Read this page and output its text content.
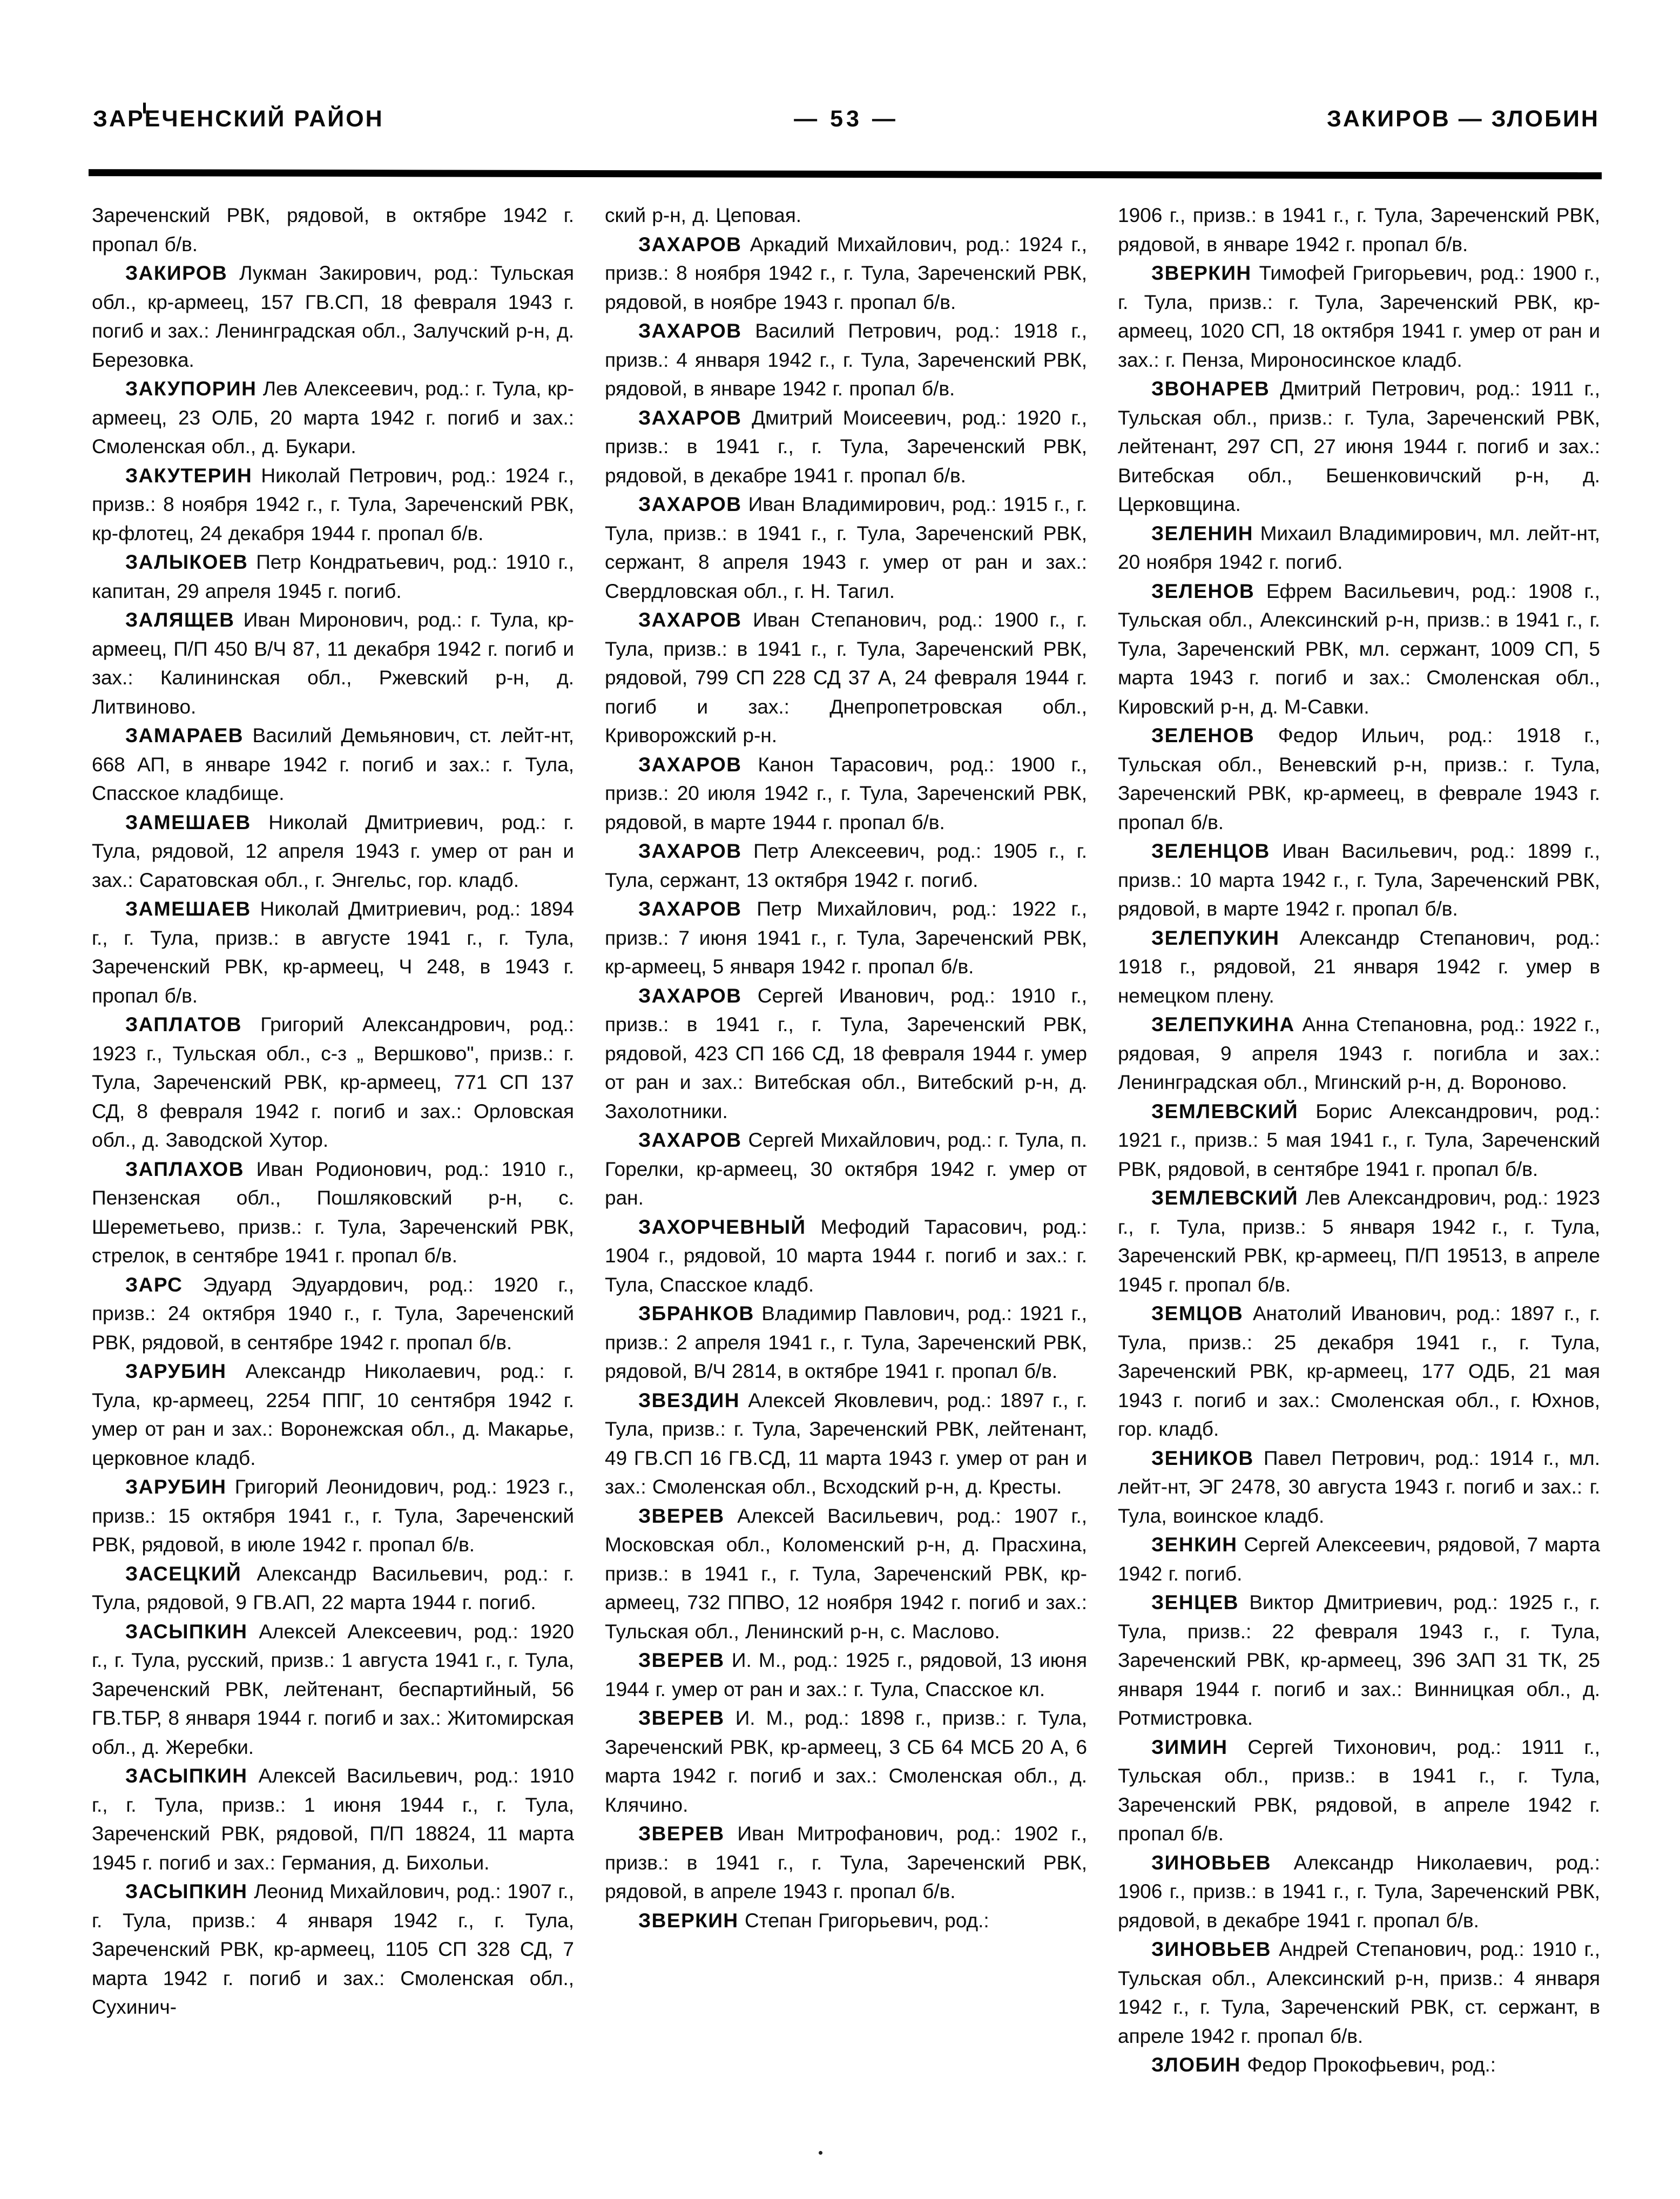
ЗАРЕЧЕНСКИЙ РАЙОН	— 53 —	ЗАКИРОВ — ЗЛОБИН

Зареченский РВК, рядовой, в октябре 1942 г. пропал б/в.

ЗАКИРОВ Лукман Закирович, род.: Тульская обл., кр-армеец, 157 ГВ.СП, 18 февраля 1943 г. погиб и зах.: Ленинградская обл., Залучский р-н, д. Березовка.

ЗАКУПОРИН Лев Алексеевич, род.: г. Тула, кр-армеец, 23 ОЛБ, 20 марта 1942 г. погиб и зах.: Смоленская обл., д. Букари.

ЗАКУТЕРИН Николай Петрович, род.: 1924 г., призв.: 8 ноября 1942 г., г. Тула, Зареченский РВК, кр-флотец, 24 декабря 1944 г. пропал б/в.

ЗАЛЫКОЕВ Петр Кондратьевич, род.: 1910 г., капитан, 29 апреля 1945 г. погиб.

ЗАЛЯЩЕВ Иван Миронович, род.: г. Тула, кр-армеец, П/П 450 В/Ч 87, 11 декабря 1942 г. погиб и зах.: Калининская обл., Ржевский р-н, д. Литвиново.

ЗАМАРАЕВ Василий Демьянович, ст. лейт-нт, 668 АП, в январе 1942 г. погиб и зах.: г. Тула, Спасское кладбище.

ЗАМЕШАЕВ Николай Дмитриевич, род.: г. Тула, рядовой, 12 апреля 1943 г. умер от ран и зах.: Саратовская обл., г. Энгельс, гор. кладб.

ЗАМЕШАЕВ Николай Дмитриевич, род.: 1894 г., г. Тула, призв.: в августе 1941 г., г. Тула, Зареченский РВК, кр-армеец, Ч 248, в 1943 г. пропал б/в.

ЗАПЛАТОВ Григорий Александрович, род.: 1923 г., Тульская обл., с-з „ Вершково", призв.: г. Тула, Зареченский РВК, кр-армеец, 771 СП 137 СД, 8 февраля 1942 г. погиб и зах.: Орловская обл., д. Заводской Хутор.

ЗАПЛАХОВ Иван Родионович, род.: 1910 г., Пензенская обл., Пошляковский р-н, с. Шереметьево, призв.: г. Тула, Зареченский РВК, стрелок, в сентябре 1941 г. пропал б/в.

ЗАРС Эдуард Эдуардович, род.: 1920 г., призв.: 24 октября 1940 г., г. Тула, Зареченский РВК, рядовой, в сентябре 1942 г. пропал б/в.

ЗАРУБИН Александр Николаевич, род.: г. Тула, кр-армеец, 2254 ППГ, 10 сентября 1942 г. умер от ран и зах.: Воронежская обл., д. Макарье, церковное кладб.

ЗАРУБИН Григорий Леонидович, род.: 1923 г., призв.: 15 октября 1941 г., г. Тула, Зареченский РВК, рядовой, в июле 1942 г. пропал б/в.

ЗАСЕЦКИЙ Александр Васильевич, род.: г. Тула, рядовой, 9 ГВ.АП, 22 марта 1944 г. погиб.

ЗАСЫПКИН Алексей Алексеевич, род.: 1920 г., г. Тула, русский, призв.: 1 августа 1941 г., г. Тула, Зареченский РВК, лейтенант, беспартийный, 56 ГВ.ТБР, 8 января 1944 г. погиб и зах.: Житомирская обл., д. Жеребки.

ЗАСЫПКИН Алексей Васильевич, род.: 1910 г., г. Тула, призв.: 1 июня 1944 г., г. Тула, Зареченский РВК, рядовой, П/П 18824, 11 марта 1945 г. погиб и зах.: Германия, д. Бихольи.

ЗАСЫПКИН Леонид Михайлович, род.: 1907 г., г. Тула, призв.: 4 января 1942 г., г. Тула, Зареченский РВК, кр-армеец, 1105 СП 328 СД, 7 марта 1942 г. погиб и зах.: Смоленская обл., Сухинич-

ский р-н, д. Цеповая.

ЗАХАРОВ Аркадий Михайлович, род.: 1924 г., призв.: 8 ноября 1942 г., г. Тула, Зареченский РВК, рядовой, в ноябре 1943 г. пропал б/в.

ЗАХАРОВ Василий Петрович, род.: 1918 г., призв.: 4 января 1942 г., г. Тула, Зареченский РВК, рядовой, в январе 1942 г. пропал б/в.

ЗАХАРОВ Дмитрий Моисеевич, род.: 1920 г., призв.: в 1941 г., г. Тула, Зареченский РВК, рядовой, в декабре 1941 г. пропал б/в.

ЗАХАРОВ Иван Владимирович, род.: 1915 г., г. Тула, призв.: в 1941 г., г. Тула, Зареченский РВК, сержант, 8 апреля 1943 г. умер от ран и зах.: Свердловская обл., г. Н. Тагил.

ЗАХАРОВ Иван Степанович, род.: 1900 г., г. Тула, призв.: в 1941 г., г. Тула, Зареченский РВК, рядовой, 799 СП 228 СД 37 А, 24 февраля 1944 г. погиб и зах.: Днепропетровская обл., Криворожский р-н.

ЗАХАРОВ Канон Тарасович, род.: 1900 г., призв.: 20 июля 1942 г., г. Тула, Зареченский РВК, рядовой, в марте 1944 г. пропал б/в.

ЗАХАРОВ Петр Алексеевич, род.: 1905 г., г. Тула, сержант, 13 октября 1942 г. погиб.

ЗАХАРОВ Петр Михайлович, род.: 1922 г., призв.: 7 июня 1941 г., г. Тула, Зареченский РВК, кр-армеец, 5 января 1942 г. пропал б/в.

ЗАХАРОВ Сергей Иванович, род.: 1910 г., призв.: в 1941 г., г. Тула, Зареченский РВК, рядовой, 423 СП 166 СД, 18 февраля 1944 г. умер от ран и зах.: Витебская обл., Витебский р-н, д. Захолотники.

ЗАХАРОВ Сергей Михайлович, род.: г. Тула, п. Горелки, кр-армеец, 30 октября 1942 г. умер от ран.

ЗАХОРЧЕВНЫЙ Мефодий Тарасович, род.: 1904 г., рядовой, 10 марта 1944 г. погиб и зах.: г. Тула, Спасское кладб.

ЗБРАНКОВ Владимир Павлович, род.: 1921 г., призв.: 2 апреля 1941 г., г. Тула, Зареченский РВК, рядовой, В/Ч 2814, в октябре 1941 г. пропал б/в.

ЗВЕЗДИН Алексей Яковлевич, род.: 1897 г., г. Тула, призв.: г. Тула, Зареченский РВК, лейтенант, 49 ГВ.СП 16 ГВ.СД, 11 марта 1943 г. умер от ран и зах.: Смоленская обл., Всходский р-н, д. Кресты.

ЗВЕРЕВ Алексей Васильевич, род.: 1907 г., Московская обл., Коломенский р-н, д. Прасхина, призв.: в 1941 г., г. Тула, Зареченский РВК, кр-армеец, 732 ППВО, 12 ноября 1942 г. погиб и зах.: Тульская обл., Ленинский р-н, с. Маслово.

ЗВЕРЕВ И. М., род.: 1925 г., рядовой, 13 июня 1944 г. умер от ран и зах.: г. Тула, Спасское кл.

ЗВЕРЕВ И. М., род.: 1898 г., призв.: г. Тула, Зареченский РВК, кр-армеец, 3 СБ 64 МСБ 20 А, 6 марта 1942 г. погиб и зах.: Смоленская обл., д. Клячино.

ЗВЕРЕВ Иван Митрофанович, род.: 1902 г., призв.: в 1941 г., г. Тула, Зареченский РВК, рядовой, в апреле 1943 г. пропал б/в.

ЗВЕРКИН Степан Григорьевич, род.:

1906 г., призв.: в 1941 г., г. Тула, Зареченский РВК, рядовой, в январе 1942 г. пропал б/в.

ЗВЕРКИН Тимофей Григорьевич, род.: 1900 г., г. Тула, призв.: г. Тула, Зареченский РВК, кр-армеец, 1020 СП, 18 октября 1941 г. умер от ран и зах.: г. Пенза, Мироносинское кладб.

ЗВОНАРЕВ Дмитрий Петрович, род.: 1911 г., Тульская обл., призв.: г. Тула, Зареченский РВК, лейтенант, 297 СП, 27 июня 1944 г. погиб и зах.: Витебская обл., Бешенковичский р-н, д. Церковщина.

ЗЕЛЕНИН Михаил Владимирович, мл. лейт-нт, 20 ноября 1942 г. погиб.

ЗЕЛЕНОВ Ефрем Васильевич, род.: 1908 г., Тульская обл., Алексинский р-н, призв.: в 1941 г., г. Тула, Зареченский РВК, мл. сержант, 1009 СП, 5 марта 1943 г. погиб и зах.: Смоленская обл., Кировский р-н, д. М-Савки.

ЗЕЛЕНОВ Федор Ильич, род.: 1918 г., Тульская обл., Веневский р-н, призв.: г. Тула, Зареченский РВК, кр-армеец, в феврале 1943 г. пропал б/в.

ЗЕЛЕНЦОВ Иван Васильевич, род.: 1899 г., призв.: 10 марта 1942 г., г. Тула, Зареченский РВК, рядовой, в марте 1942 г. пропал б/в.

ЗЕЛЕПУКИН Александр Степанович, род.: 1918 г., рядовой, 21 января 1942 г. умер в немецком плену.

ЗЕЛЕПУКИНА Анна Степановна, род.: 1922 г., рядовая, 9 апреля 1943 г. погибла и зах.: Ленинградская обл., Мгинский р-н, д. Вороново.

ЗЕМЛЕВСКИЙ Борис Александрович, род.: 1921 г., призв.: 5 мая 1941 г., г. Тула, Зареченский РВК, рядовой, в сентябре 1941 г. пропал б/в.

ЗЕМЛЕВСКИЙ Лев Александрович, род.: 1923 г., г. Тула, призв.: 5 января 1942 г., г. Тула, Зареченский РВК, кр-армеец, П/П 19513, в апреле 1945 г. пропал б/в.

ЗЕМЦОВ Анатолий Иванович, род.: 1897 г., г. Тула, призв.: 25 декабря 1941 г., г. Тула, Зареченский РВК, кр-армеец, 177 ОДБ, 21 мая 1943 г. погиб и зах.: Смоленская обл., г. Юхнов, гор. кладб.

ЗЕНИКОВ Павел Петрович, род.: 1914 г., мл. лейт-нт, ЭГ 2478, 30 августа 1943 г. погиб и зах.: г. Тула, воинское кладб.

ЗЕНКИН Сергей Алексеевич, рядовой, 7 марта 1942 г. погиб.

ЗЕНЦЕВ Виктор Дмитриевич, род.: 1925 г., г. Тула, призв.: 22 февраля 1943 г., г. Тула, Зареченский РВК, кр-армеец, 396 ЗАП 31 ТК, 25 января 1944 г. погиб и зах.: Винницкая обл., д. Ротмистровка.

ЗИМИН Сергей Тихонович, род.: 1911 г., Тульская обл., призв.: в 1941 г., г. Тула, Зареченский РВК, рядовой, в апреле 1942 г. пропал б/в.

ЗИНОВЬЕВ Александр Николаевич, род.: 1906 г., призв.: в 1941 г., г. Тула, Зареченский РВК, рядовой, в декабре 1941 г. пропал б/в.

ЗИНОВЬЕВ Андрей Степанович, род.: 1910 г., Тульская обл., Алексинский р-н, призв.: 4 января 1942 г., г. Тула, Зареченский РВК, ст. сержант, в апреле 1942 г. пропал б/в.

ЗЛОБИН Федор Прокофьевич, род.:
